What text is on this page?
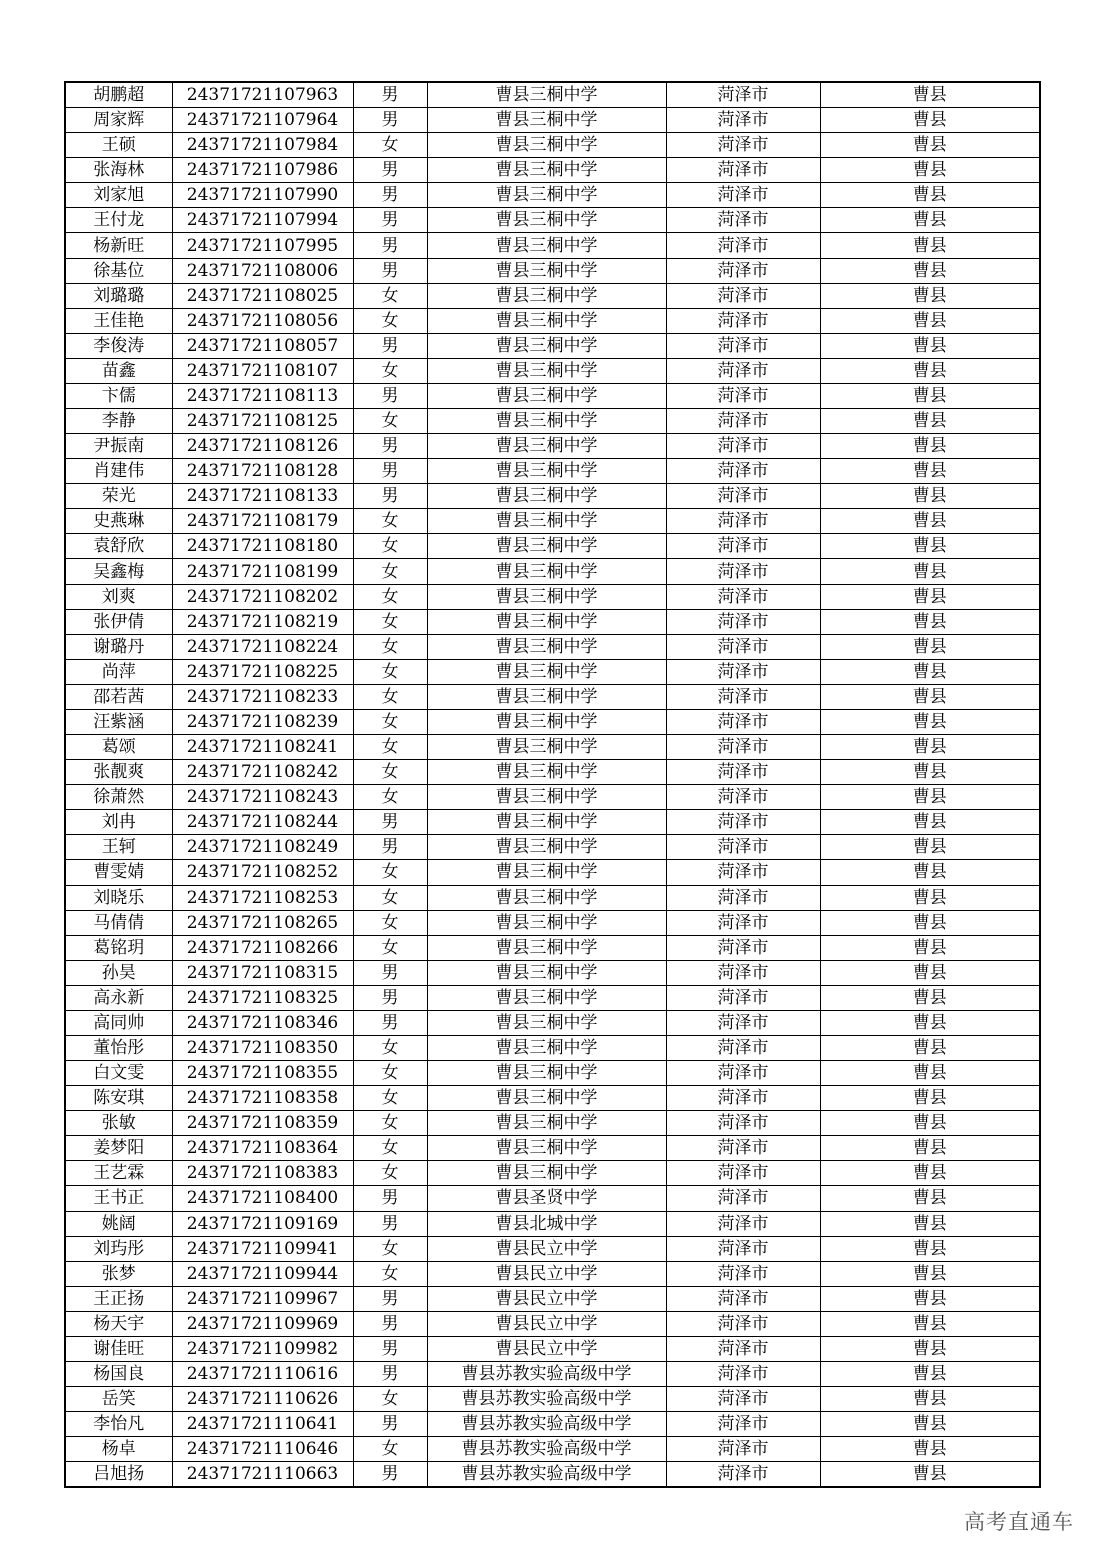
胡鹏超	24371721107963	男	曹县三桐中学	菏泽市	曹县
周家辉	24371721107964	男	曹县三桐中学	菏泽市	曹县
王硕	24371721107984	女	曹县三桐中学	菏泽市	曹县
张海林	24371721107986	男	曹县三桐中学	菏泽市	曹县
刘家旭	24371721107990	男	曹县三桐中学	菏泽市	曹县
王付龙	24371721107994	男	曹县三桐中学	菏泽市	曹县
杨新旺	24371721107995	男	曹县三桐中学	菏泽市	曹县
徐基位	24371721108006	男	曹县三桐中学	菏泽市	曹县
刘璐璐	24371721108025	女	曹县三桐中学	菏泽市	曹县
王佳艳	24371721108056	女	曹县三桐中学	菏泽市	曹县
李俊涛	24371721108057	男	曹县三桐中学	菏泽市	曹县
苗鑫	24371721108107	女	曹县三桐中学	菏泽市	曹县
卞儒	24371721108113	男	曹县三桐中学	菏泽市	曹县
李静	24371721108125	女	曹县三桐中学	菏泽市	曹县
尹振南	24371721108126	男	曹县三桐中学	菏泽市	曹县
肖建伟	24371721108128	男	曹县三桐中学	菏泽市	曹县
荣光	24371721108133	男	曹县三桐中学	菏泽市	曹县
史燕琳	24371721108179	女	曹县三桐中学	菏泽市	曹县
袁舒欣	24371721108180	女	曹县三桐中学	菏泽市	曹县
吴鑫梅	24371721108199	女	曹县三桐中学	菏泽市	曹县
刘爽	24371721108202	女	曹县三桐中学	菏泽市	曹县
张伊倩	24371721108219	女	曹县三桐中学	菏泽市	曹县
谢璐丹	24371721108224	女	曹县三桐中学	菏泽市	曹县
尚萍	24371721108225	女	曹县三桐中学	菏泽市	曹县
邵若茜	24371721108233	女	曹县三桐中学	菏泽市	曹县
汪紫涵	24371721108239	女	曹县三桐中学	菏泽市	曹县
葛颂	24371721108241	女	曹县三桐中学	菏泽市	曹县
张靓爽	24371721108242	女	曹县三桐中学	菏泽市	曹县
徐萧然	24371721108243	女	曹县三桐中学	菏泽市	曹县
刘冉	24371721108244	男	曹县三桐中学	菏泽市	曹县
王轲	24371721108249	男	曹县三桐中学	菏泽市	曹县
曹雯婧	24371721108252	女	曹县三桐中学	菏泽市	曹县
刘晓乐	24371721108253	女	曹县三桐中学	菏泽市	曹县
马倩倩	24371721108265	女	曹县三桐中学	菏泽市	曹县
葛铭玥	24371721108266	女	曹县三桐中学	菏泽市	曹县
孙昊	24371721108315	男	曹县三桐中学	菏泽市	曹县
高永新	24371721108325	男	曹县三桐中学	菏泽市	曹县
高同帅	24371721108346	男	曹县三桐中学	菏泽市	曹县
董怡彤	24371721108350	女	曹县三桐中学	菏泽市	曹县
白文雯	24371721108355	女	曹县三桐中学	菏泽市	曹县
陈安琪	24371721108358	女	曹县三桐中学	菏泽市	曹县
张敏	24371721108359	女	曹县三桐中学	菏泽市	曹县
姜梦阳	24371721108364	女	曹县三桐中学	菏泽市	曹县
王艺霖	24371721108383	女	曹县三桐中学	菏泽市	曹县
王书正	24371721108400	男	曹县圣贤中学	菏泽市	曹县
姚阔	24371721109169	男	曹县北城中学	菏泽市	曹县
刘玙彤	24371721109941	女	曹县民立中学	菏泽市	曹县
张梦	24371721109944	女	曹县民立中学	菏泽市	曹县
王正扬	24371721109967	男	曹县民立中学	菏泽市	曹县
杨天宇	24371721109969	男	曹县民立中学	菏泽市	曹县
谢佳旺	24371721109982	男	曹县民立中学	菏泽市	曹县
杨国良	24371721110616	男	曹县苏教实验高级中学	菏泽市	曹县
岳笑	24371721110626	女	曹县苏教实验高级中学	菏泽市	曹县
李怡凡	24371721110641	男	曹县苏教实验高级中学	菏泽市	曹县
杨卓	24371721110646	女	曹县苏教实验高级中学	菏泽市	曹县
吕旭扬	24371721110663	男	曹县苏教实验高级中学	菏泽市	曹县
高考直通车
